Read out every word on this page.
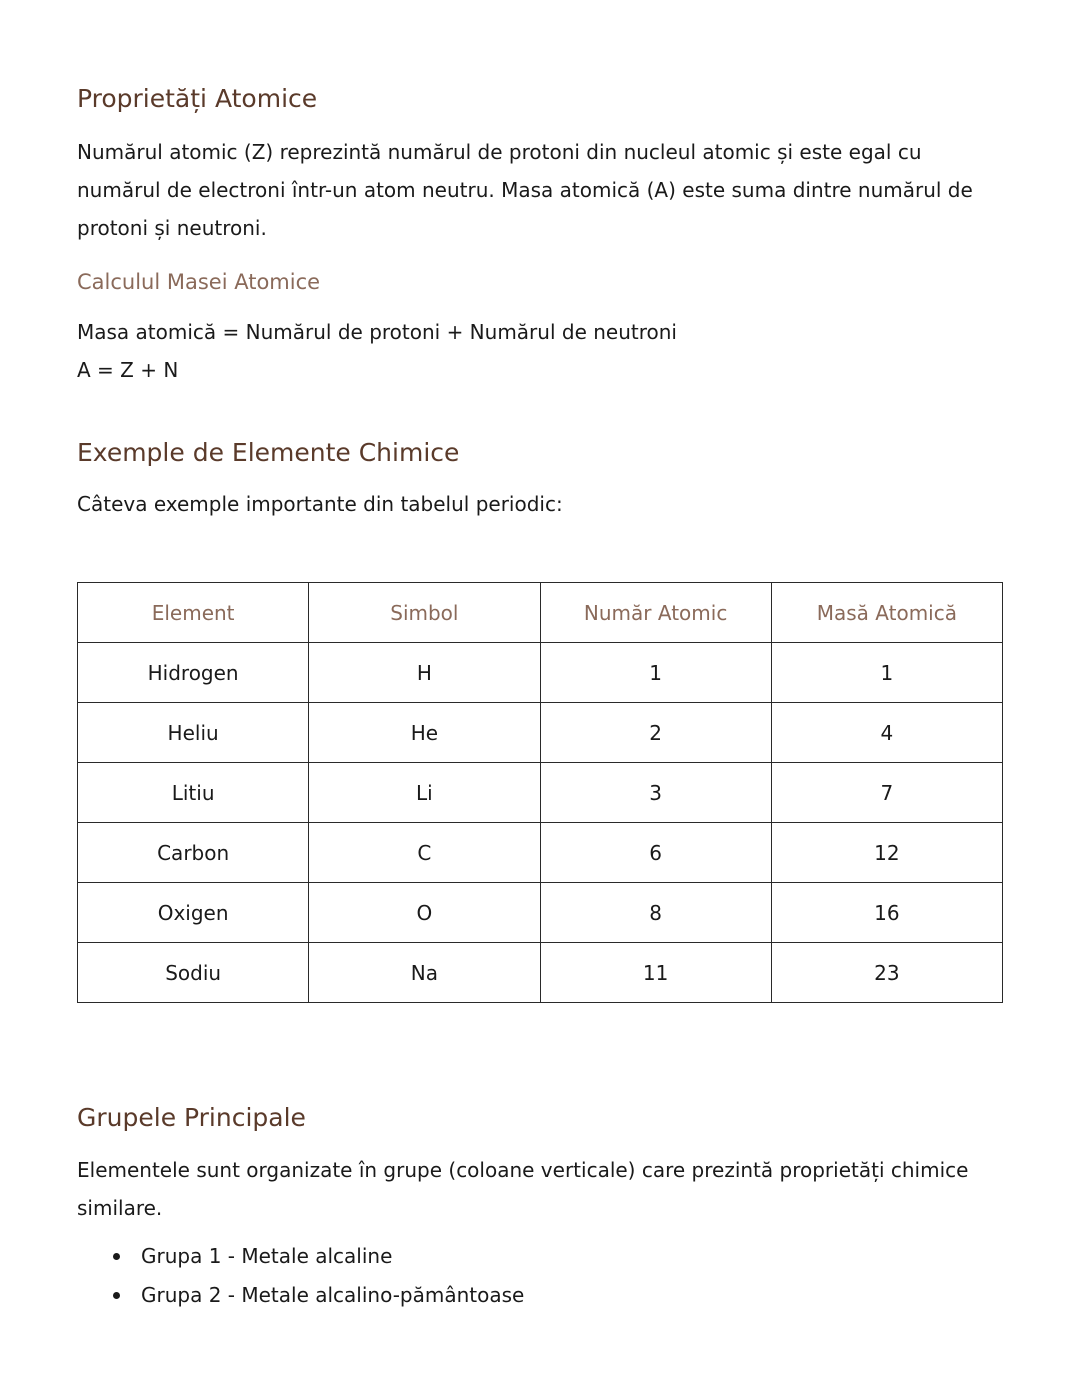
Proprietăți Atomice

Numărul atomic (Z) reprezintă numărul de protoni din nucleul atomic și este egal cu numărul de electroni într-un atom neutru. Masa atomică (A) este suma dintre numărul de protoni și neutroni.

Calculul Masei Atomice

Masa atomică = Numărul de protoni + Numărul de neutroni

A = Z + N

Exemple de Elemente Chimice

Câteva exemple importante din tabelul periodic:

Element	Simbol	Număr Atomic	Masă Atomică
Hidrogen	H	1	1
Heliu	He	2	4
Litiu	Li	3	7
Carbon	C	6	12
Oxigen	O	8	16
Sodiu	Na	11	23
Grupele Principale

Elementele sunt organizate în grupe (coloane verticale) care prezintă proprietăți chimice similare.

Grupa 1 - Metale alcaline
Grupa 2 - Metale alcalino-pământoase
